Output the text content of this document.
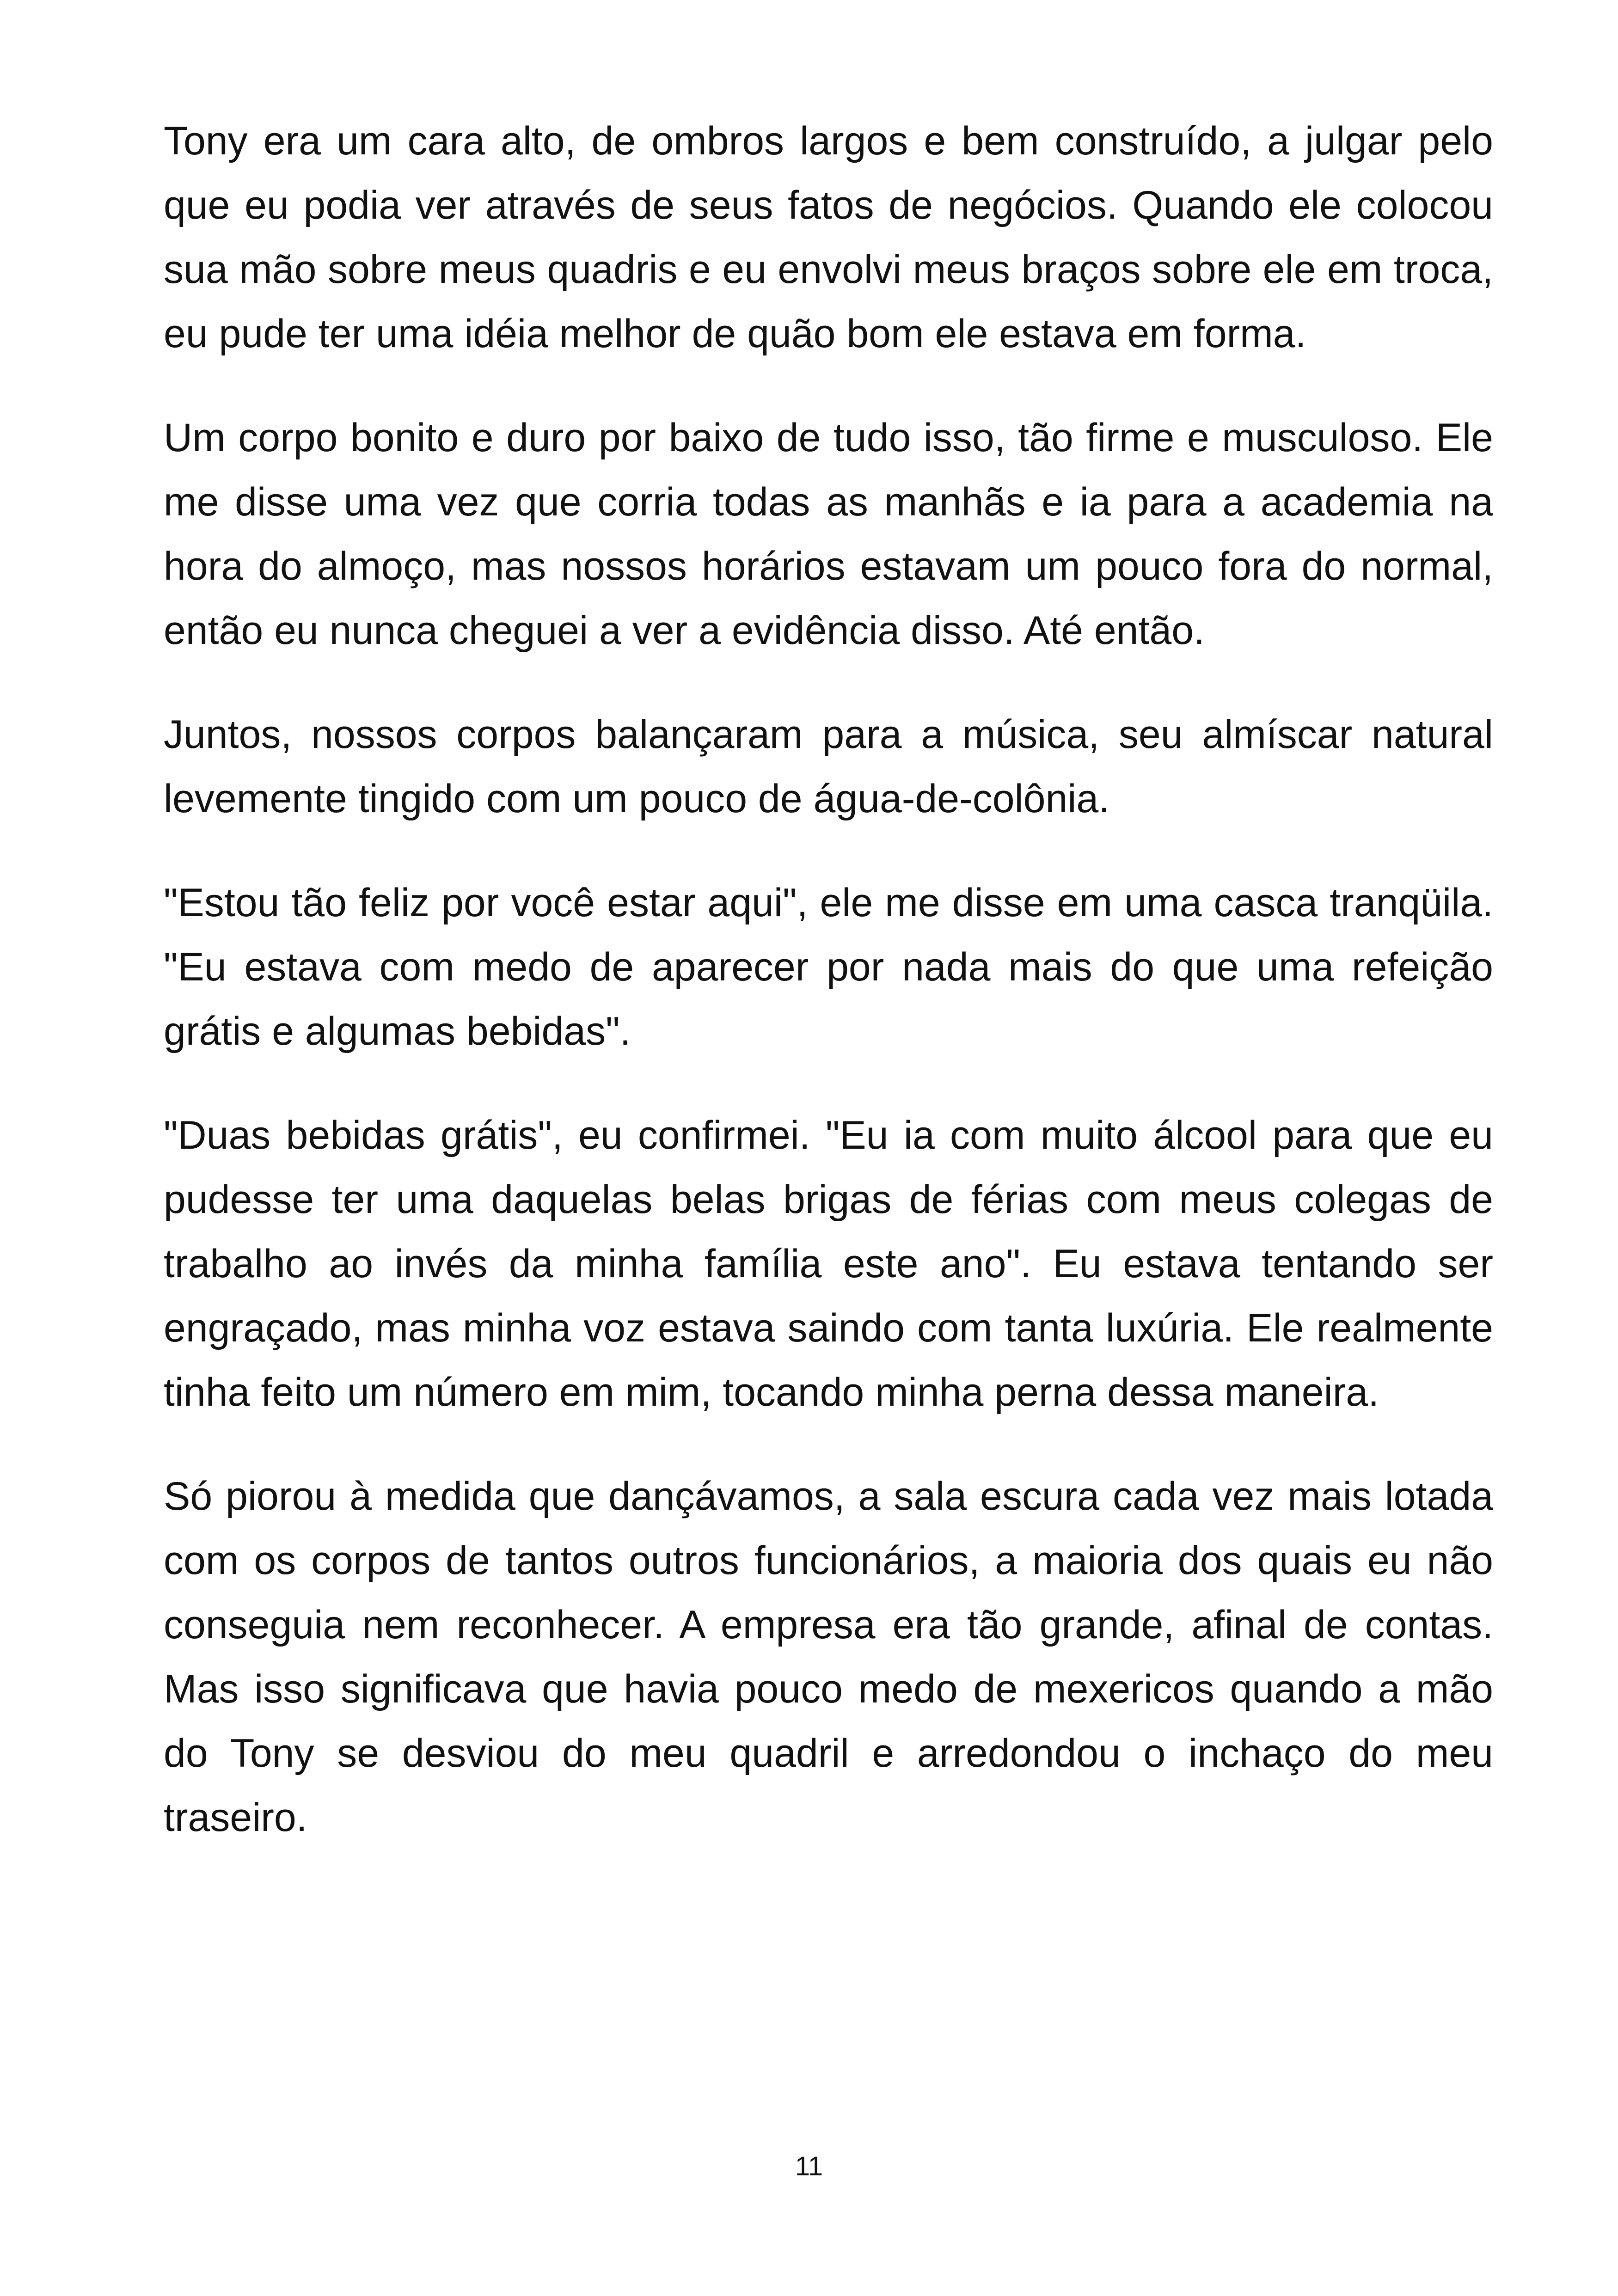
Tony era um cara alto, de ombros largos e bem construído, a julgar pelo que eu podia ver através de seus fatos de negócios. Quando ele colocou sua mão sobre meus quadris e eu envolvi meus braços sobre ele em troca, eu pude ter uma idéia melhor de quão bom ele estava em forma.

Um corpo bonito e duro por baixo de tudo isso, tão firme e musculoso. Ele me disse uma vez que corria todas as manhãs e ia para a academia na hora do almoço, mas nossos horários estavam um pouco fora do normal, então eu nunca cheguei a ver a evidência disso. Até então.

Juntos, nossos corpos balançaram para a música, seu almíscar natural levemente tingido com um pouco de água-de-colônia.

"Estou tão feliz por você estar aqui", ele me disse em uma casca tranqüila. "Eu estava com medo de aparecer por nada mais do que uma refeição grátis e algumas bebidas".

"Duas bebidas grátis", eu confirmei. "Eu ia com muito álcool para que eu pudesse ter uma daquelas belas brigas de férias com meus colegas de trabalho ao invés da minha família este ano". Eu estava tentando ser engraçado, mas minha voz estava saindo com tanta luxúria. Ele realmente tinha feito um número em mim, tocando minha perna dessa maneira.

Só piorou à medida que dançávamos, a sala escura cada vez mais lotada com os corpos de tantos outros funcionários, a maioria dos quais eu não conseguia nem reconhecer. A empresa era tão grande, afinal de contas. Mas isso significava que havia pouco medo de mexericos quando a mão do Tony se desviou do meu quadril e arredondou o inchaço do meu traseiro.

11
